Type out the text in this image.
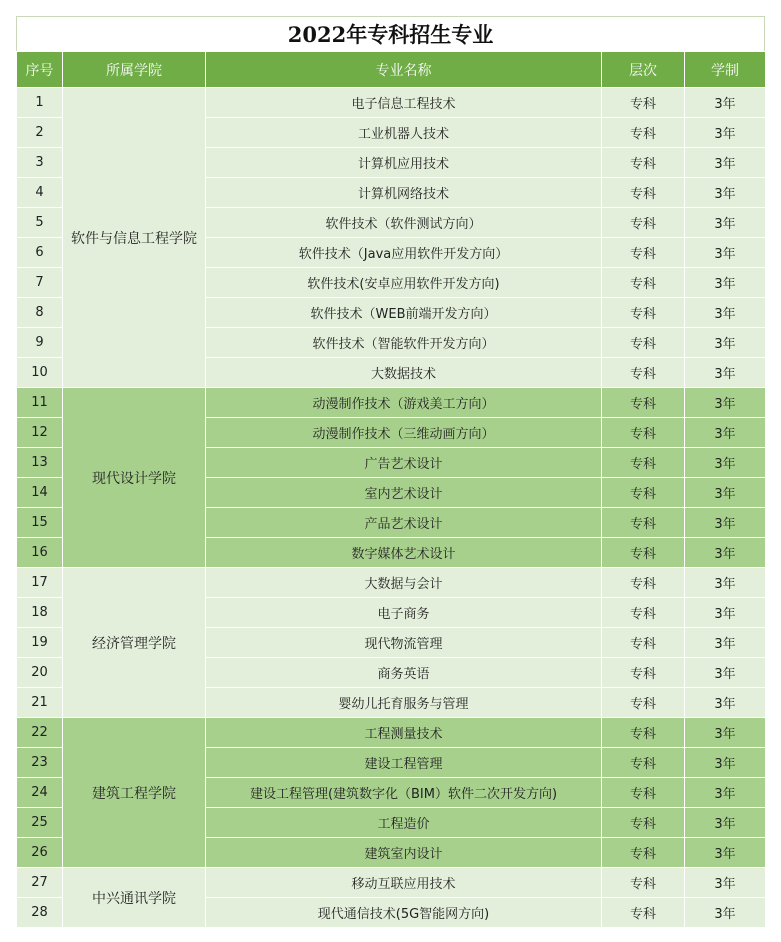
2022年专科招生专业
序号	所属学院	专业名称	层次	学制
1	软件与信息工程学院	电子信息工程技术	专科	3年
2		工业机器人技术	专科	3年
3		计算机应用技术	专科	3年
4		计算机网络技术	专科	3年
5		软件技术（软件测试方向）	专科	3年
6		软件技术（Java应用软件开发方向）	专科	3年
7		软件技术(安卓应用软件开发方向)	专科	3年
8		软件技术（WEB前端开发方向）	专科	3年
9		软件技术（智能软件开发方向）	专科	3年
10		大数据技术	专科	3年
11	现代设计学院	动漫制作技术（游戏美工方向）	专科	3年
12		动漫制作技术（三维动画方向）	专科	3年
13		广告艺术设计	专科	3年
14		室内艺术设计	专科	3年
15		产品艺术设计	专科	3年
16		数字媒体艺术设计	专科	3年
17	经济管理学院	大数据与会计	专科	3年
18		电子商务	专科	3年
19		现代物流管理	专科	3年
20		商务英语	专科	3年
21		婴幼儿托育服务与管理	专科	3年
22	建筑工程学院	工程测量技术	专科	3年
23		建设工程管理	专科	3年
24		建设工程管理(建筑数字化（BIM）软件二次开发方向)	专科	3年
25		工程造价	专科	3年
26		建筑室内设计	专科	3年
27	中兴通讯学院	移动互联应用技术	专科	3年
28		现代通信技术(5G智能网方向)	专科	3年
